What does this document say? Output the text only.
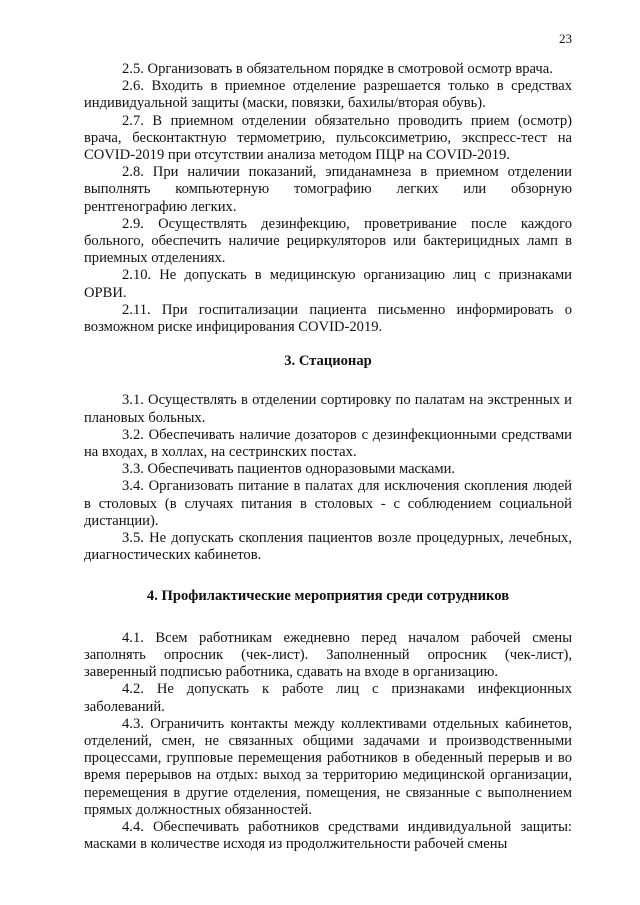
23

2.5. Организовать в обязательном порядке в смотровой осмотр врача.

2.6. Входить в приемное отделение разрешается только в средствах индивидуальной защиты (маски, повязки, бахилы/вторая обувь).

2.7. В приемном отделении обязательно проводить прием (осмотр) врача, бесконтактную термометрию, пульсоксиметрию, экспресс-тест на COVID-2019 при отсутствии анализа методом ПЦР на COVID-2019.

2.8. При наличии показаний, эпиданамнеза в приемном отделении выполнять компьютерную томографию легких или обзорную рентгенографию легких.

2.9. Осуществлять дезинфекцию, проветривание после каждого больного, обеспечить наличие рециркуляторов или бактерицидных ламп в приемных отделениях.

2.10. Не допускать в медицинскую организацию лиц с признаками ОРВИ.

2.11. При госпитализации пациента письменно информировать о возможном риске инфицирования COVID-2019.

3. Стационар

3.1. Осуществлять в отделении сортировку по палатам на экстренных и плановых больных.

3.2. Обеспечивать наличие дозаторов с дезинфекционными средствами на входах, в холлах, на сестринских постах.

3.3. Обеспечивать пациентов одноразовыми масками.

3.4. Организовать питание в палатах для исключения скопления людей в столовых (в случаях питания в столовых - с соблюдением социальной дистанции).

3.5. Не допускать скопления пациентов возле процедурных, лечебных, диагностических кабинетов.

4. Профилактические мероприятия среди сотрудников

4.1. Всем работникам ежедневно перед началом рабочей смены заполнять опросник (чек-лист). Заполненный опросник (чек-лист), заверенный подписью работника, сдавать на входе в организацию.

4.2. Не допускать к работе лиц с признаками инфекционных заболеваний.

4.3. Ограничить контакты между коллективами отдельных кабинетов, отделений, смен, не связанных общими задачами и производственными процессами, групповые перемещения работников в обеденный перерыв и во время перерывов на отдых: выход за территорию медицинской организации, перемещения в другие отделения, помещения, не связанные с выполнением прямых должностных обязанностей.

4.4. Обеспечивать работников средствами индивидуальной защиты: масками в количестве исходя из продолжительности рабочей смены
